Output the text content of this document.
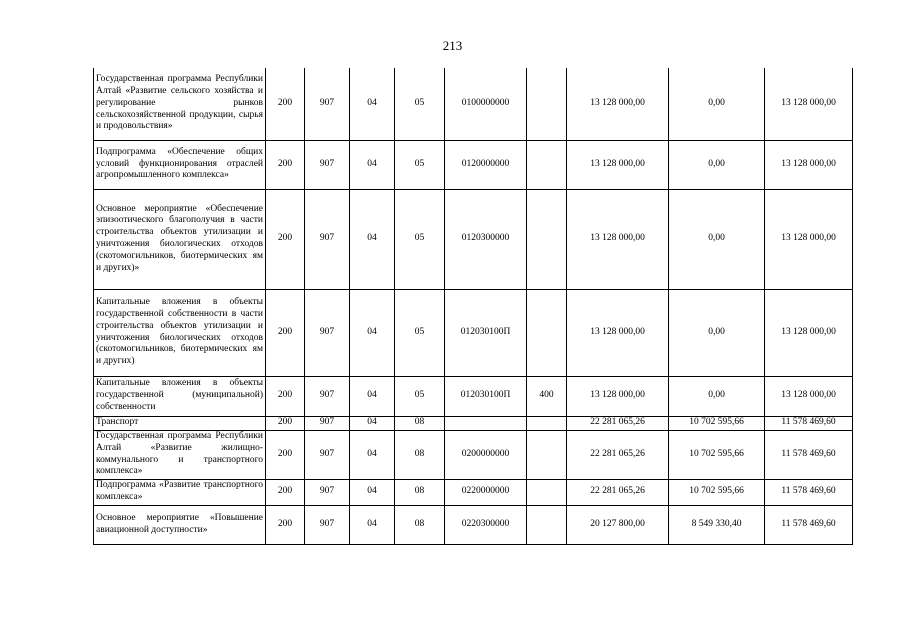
213
Государственная программа Республики Алтай «Развитие сельского хозяйства и регулирование рынков сельскохозяйственной продукции, сырья и продовольствия»	200	907	04	05	0100000000		13 128 000,00	0,00	13 128 000,00
Подпрограмма «Обеспечение общих условий функционирования отраслей агропромышленного комплекса»	200	907	04	05	0120000000		13 128 000,00	0,00	13 128 000,00
Основное мероприятие «Обеспечение эпизоотического благополучия в части строительства объектов утилизации и уничтожения биологических отходов (скотомогильников, биотермических ям и других)»	200	907	04	05	0120300000		13 128 000,00	0,00	13 128 000,00
Капитальные вложения в объекты государственной собственности в части строительства объектов утилизации и уничтожения биологических отходов (скотомогильников, биотермических ям и других)	200	907	04	05	012030100П		13 128 000,00	0,00	13 128 000,00
Капитальные вложения в объекты государственной (муниципальной) собственности	200	907	04	05	012030100П	400	13 128 000,00	0,00	13 128 000,00
Транспорт	200	907	04	08			22 281 065,26	10 702 595,66	11 578 469,60
Государственная программа Республики Алтай «Развитие жилищно-коммунального и транспортного комплекса»	200	907	04	08	0200000000		22 281 065,26	10 702 595,66	11 578 469,60
Подпрограмма «Развитие транспортного комплекса»	200	907	04	08	0220000000		22 281 065,26	10 702 595,66	11 578 469,60
Основное мероприятие «Повышение авиационной доступности»	200	907	04	08	0220300000		20 127 800,00	8 549 330,40	11 578 469,60
